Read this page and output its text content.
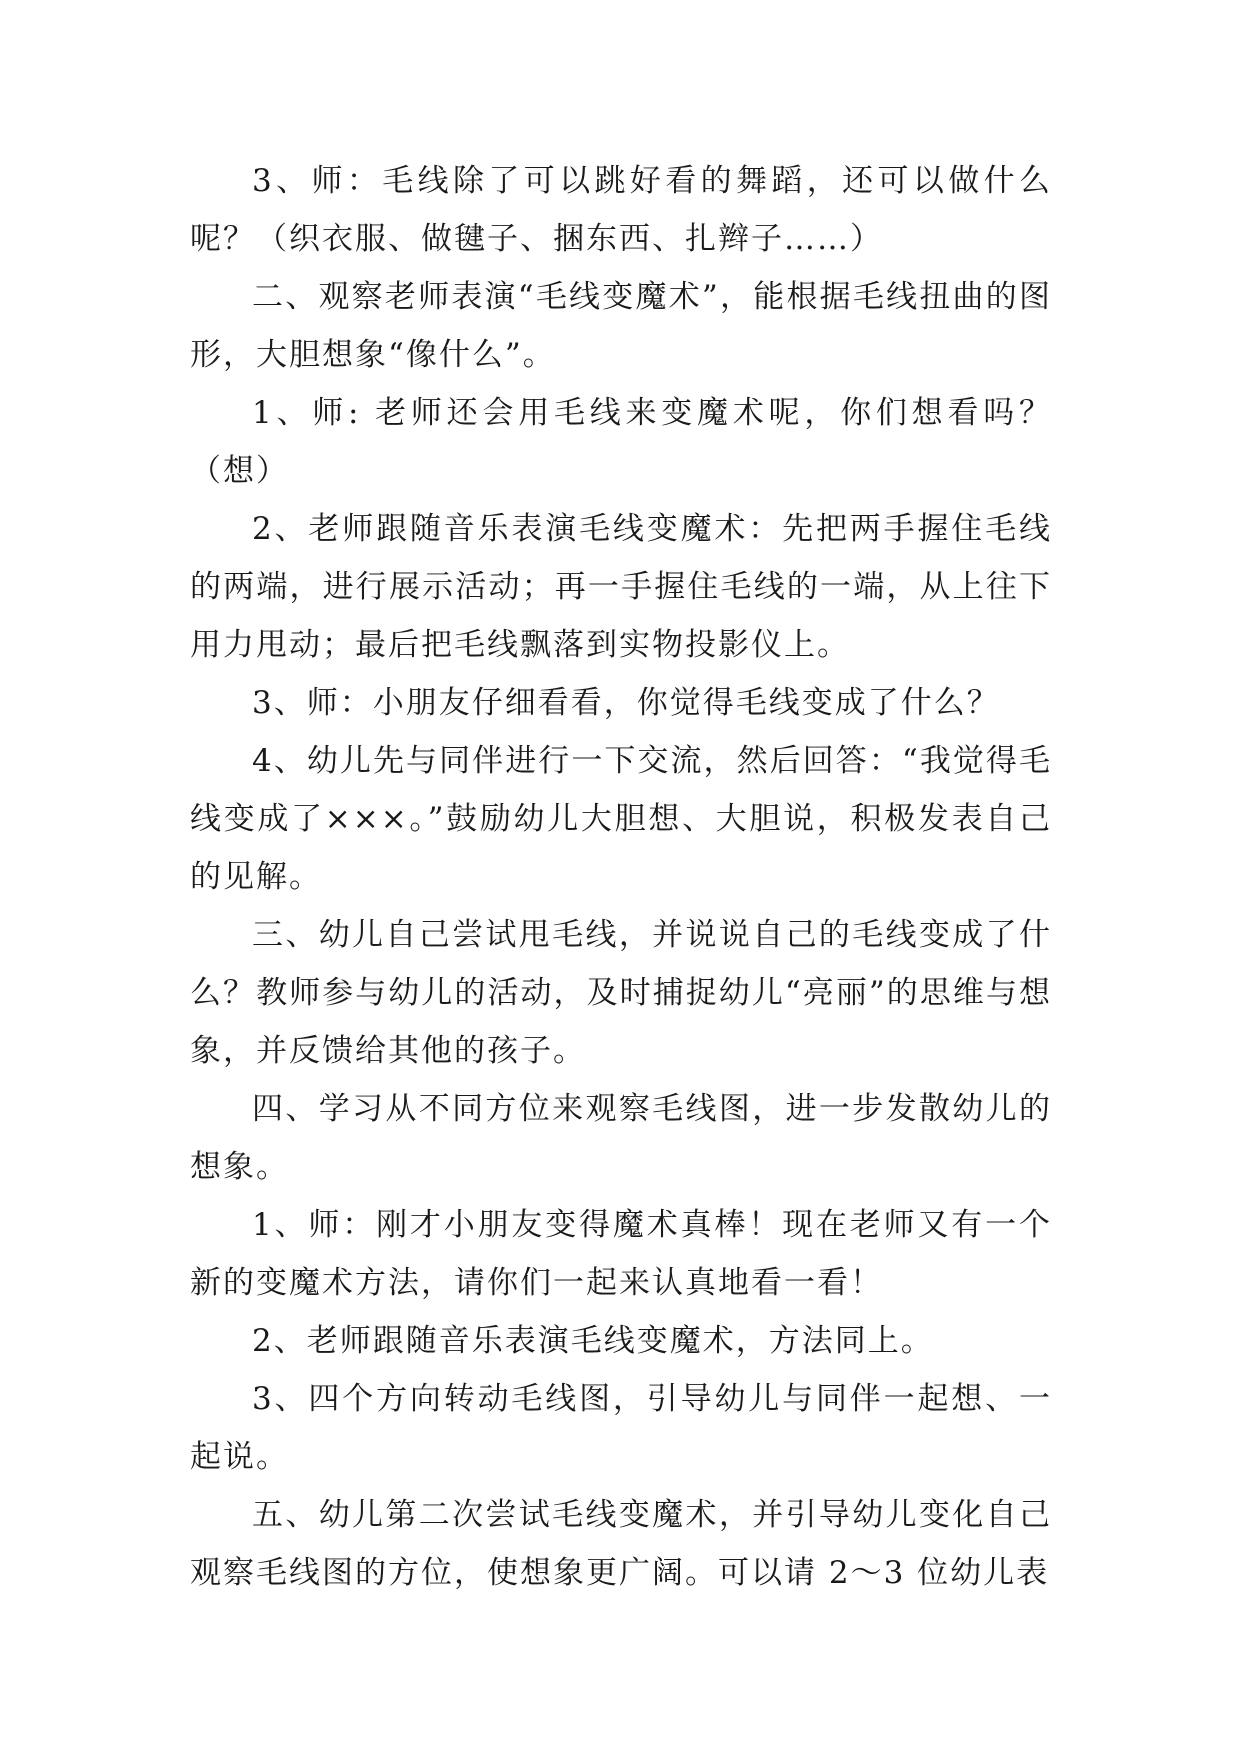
3、师：毛线除了可以跳好看的舞蹈，还可以做什么呢？（织衣服、做毽子、捆东西、扎辫子……）

二、观察老师表演“毛线变魔术”，能根据毛线扭曲的图形，大胆想象“像什么”。

1、师: 老师还会用毛线来变魔术呢，你们想看吗？（想）

2、老师跟随音乐表演毛线变魔术：先把两手握住毛线的两端，进行展示活动；再一手握住毛线的一端，从上往下用力甩动；最后把毛线飘落到实物投影仪上。

3、师：小朋友仔细看看，你觉得毛线变成了什么？

4、幼儿先与同伴进行一下交流，然后回答：“我觉得毛线变成了×××。”鼓励幼儿大胆想、大胆说，积极发表自己的见解。

三、幼儿自己尝试甩毛线，并说说自己的毛线变成了什么？教师参与幼儿的活动，及时捕捉幼儿“亮丽”的思维与想象，并反馈给其他的孩子。

四、学习从不同方位来观察毛线图，进一步发散幼儿的想象。

1、师：刚才小朋友变得魔术真棒！现在老师又有一个新的变魔术方法，请你们一起来认真地看一看！

2、老师跟随音乐表演毛线变魔术，方法同上。

3、四个方向转动毛线图，引导幼儿与同伴一起想、一起说。

五、幼儿第二次尝试毛线变魔术，并引导幼儿变化自己观察毛线图的方位，使想象更广阔。可以请 2～3 位幼儿表
